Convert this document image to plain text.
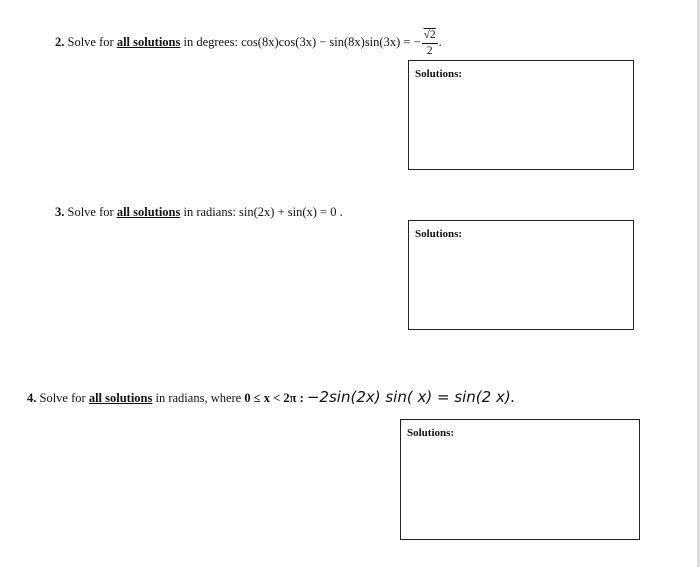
2. Solve for all solutions in degrees: cos(8x)cos(3x) − sin(8x)sin(3x) = − $\frac{√2}{2}$ .
Solutions:
3. Solve for all solutions in radians: sin(2x) + sin(x) = 0 .
Solutions:
4. Solve for all solutions in radians, where 0 ≤ x < 2π : −2sin(2x) sin( x) = sin(2 x).
Solutions:
